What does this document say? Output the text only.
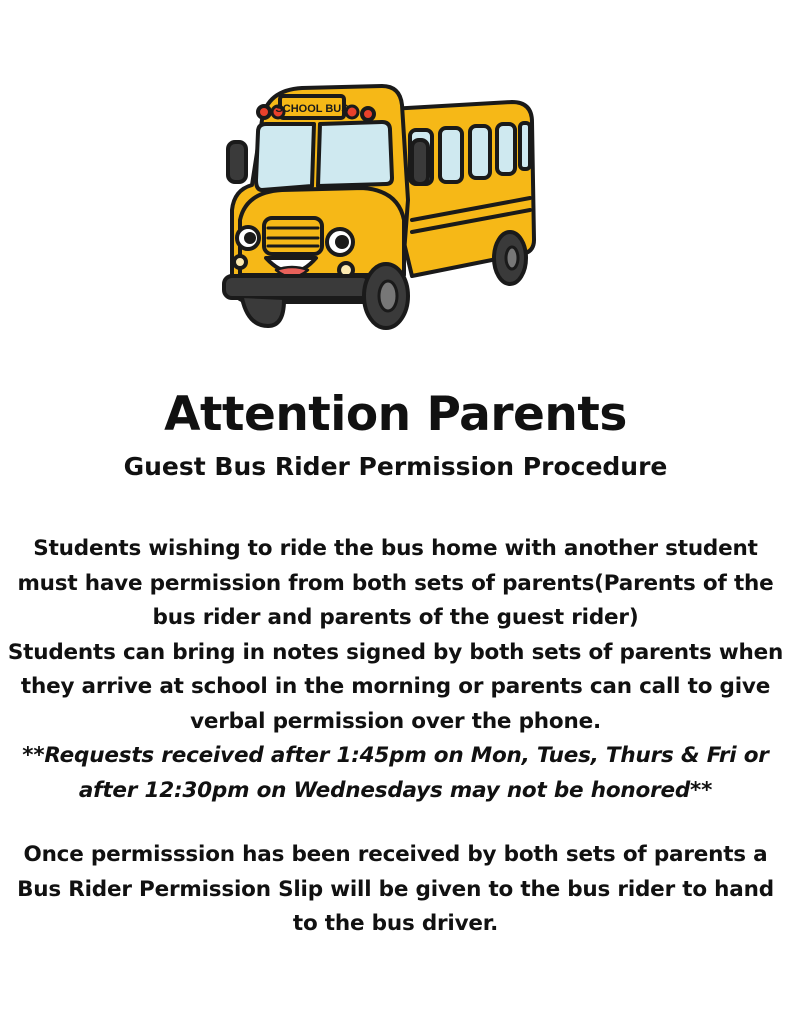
SCHOOL BUS
Attention Parents
Guest Bus Rider Permission Procedure

Students wishing to ride the bus home with another student must have permission from both sets of parents(Parents of the bus rider and parents of the guest rider)

Students can bring in notes signed by both sets of parents when they arrive at school in the morning or parents can call to give verbal permission over the phone.

**Requests received after 1:45pm on Mon, Tues, Thurs & Fri or after 12:30pm on Wednesdays may not be honored**

Once permisssion has been received by both sets of parents a Bus Rider Permission Slip will be given to the bus rider to hand to the bus driver.
